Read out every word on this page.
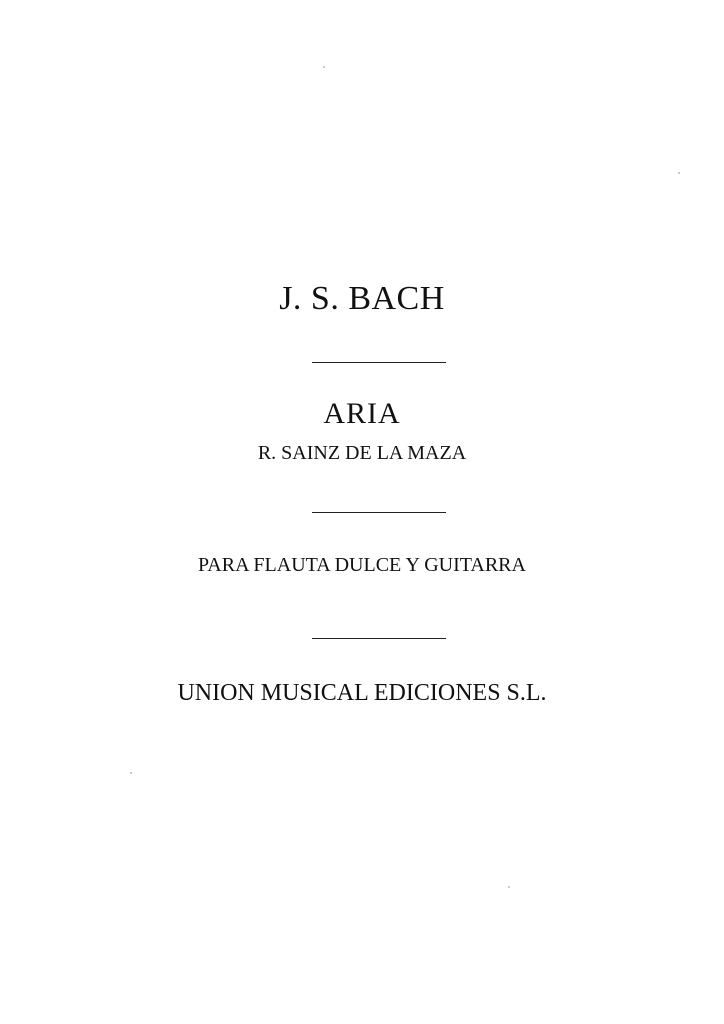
J. S. BACH
ARIA
R. SAINZ DE LA MAZA
PARA FLAUTA DULCE Y GUITARRA
UNION MUSICAL EDICIONES S.L.
